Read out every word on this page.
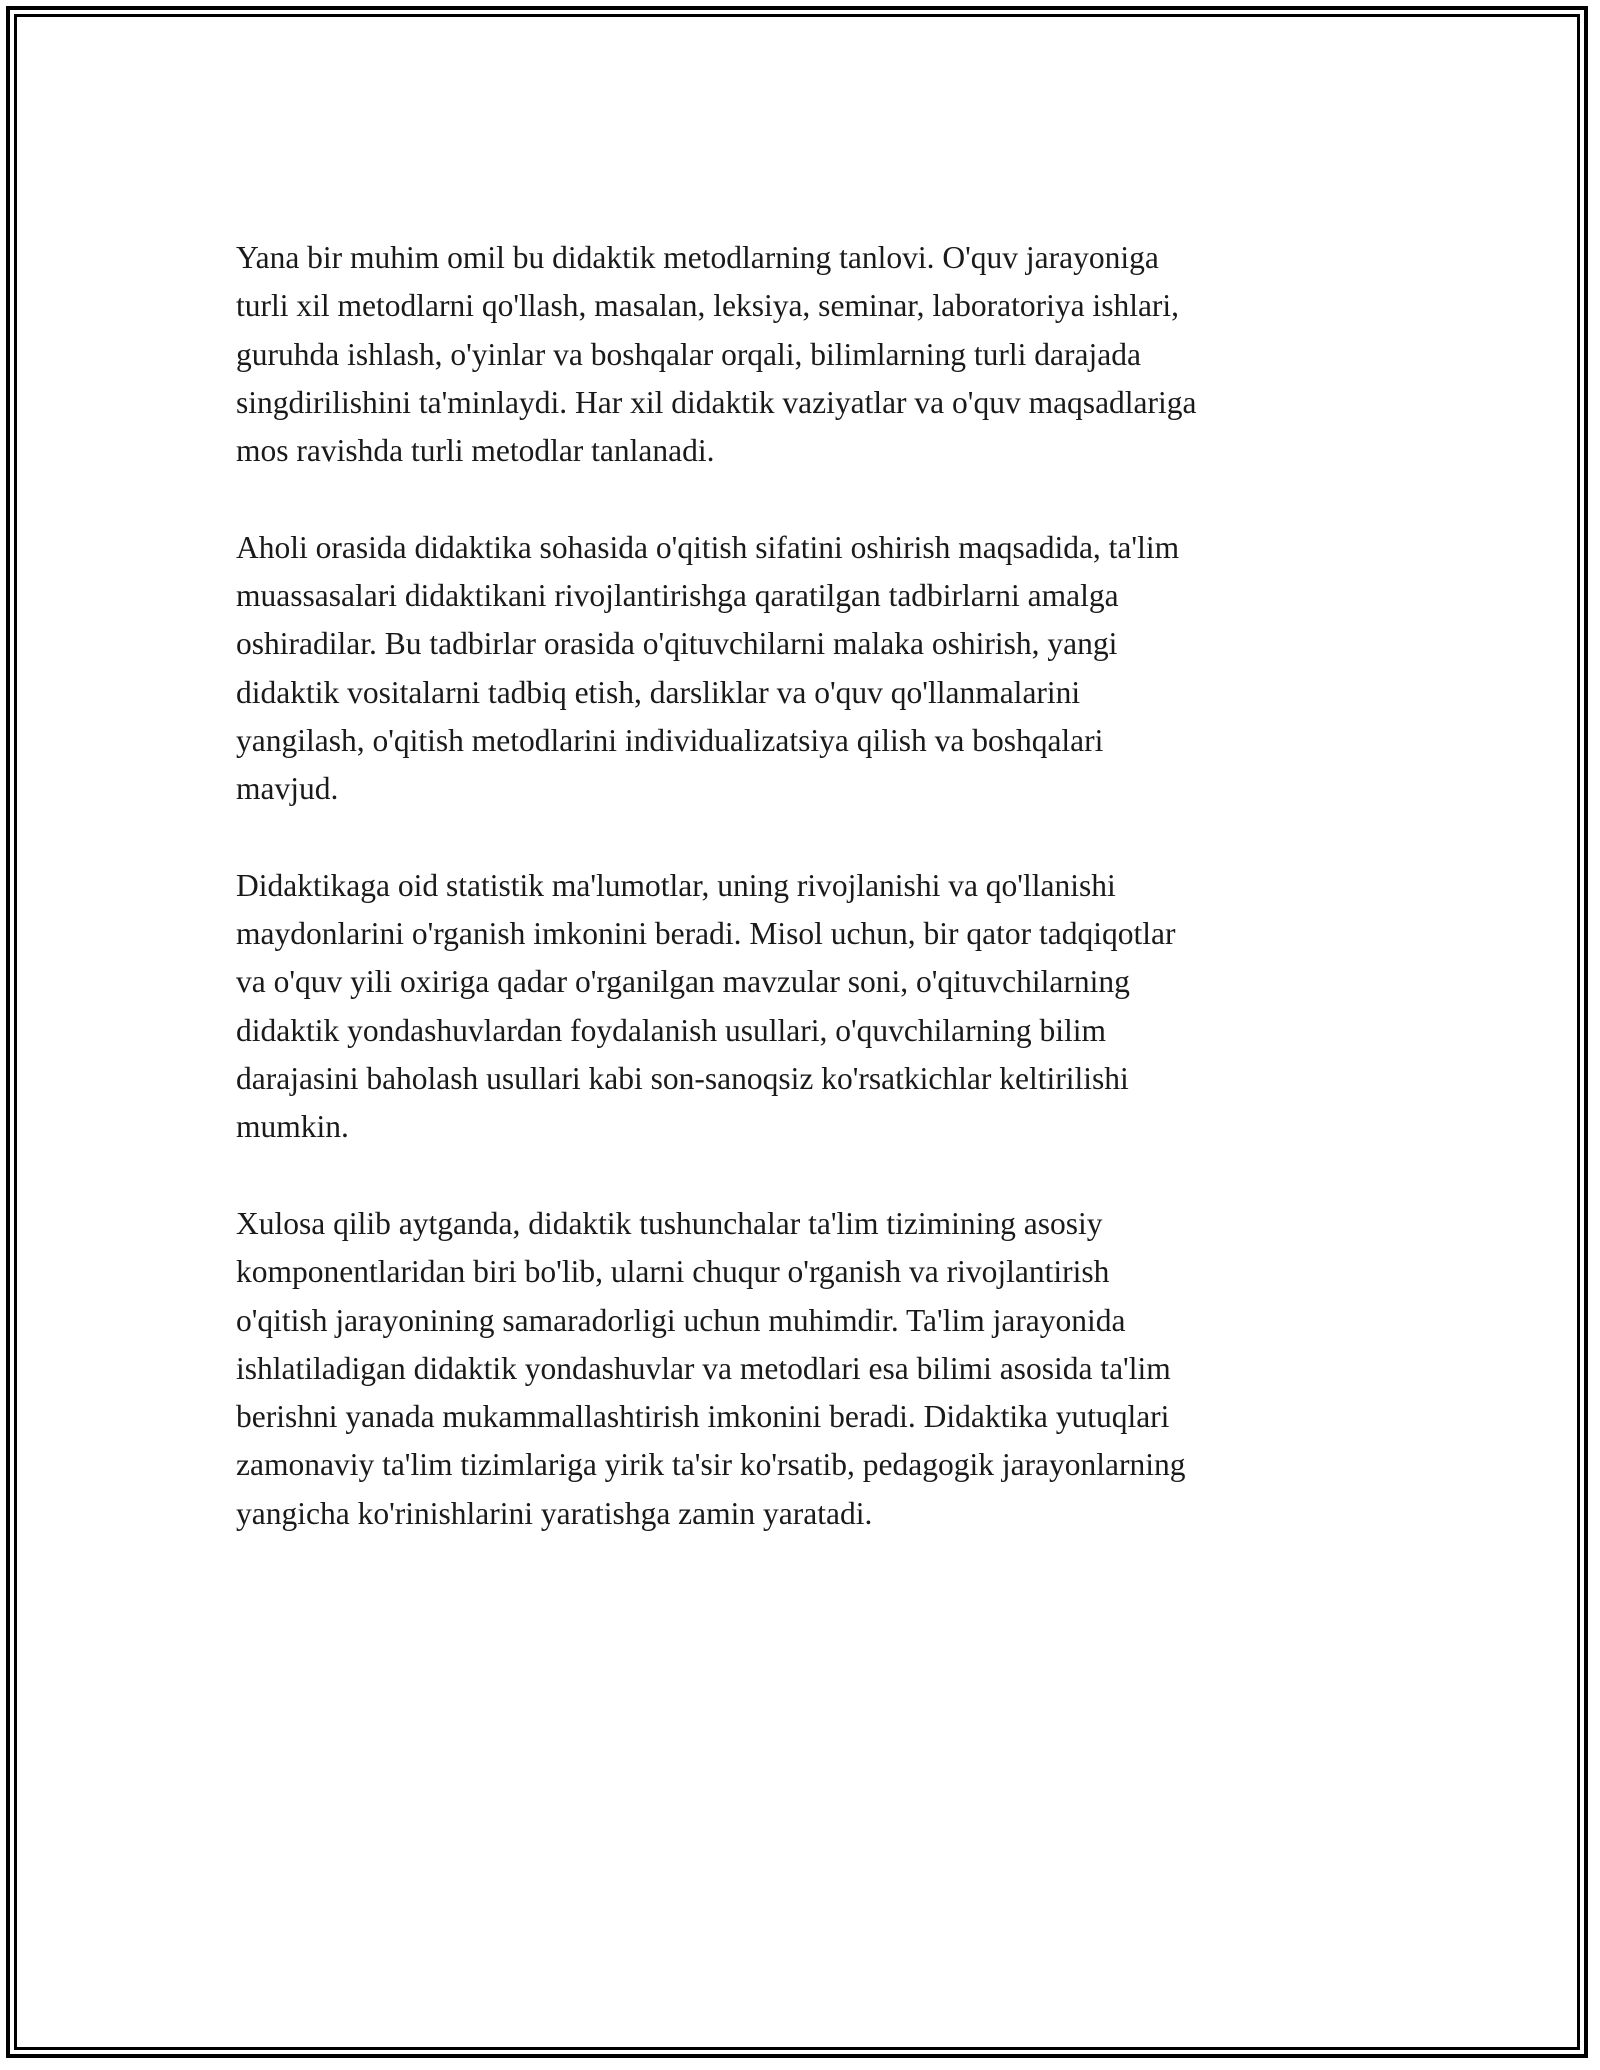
Yana bir muhim omil bu didaktik metodlarning tanlovi. O'quv jarayoniga
turli xil metodlarni qo'llash, masalan, leksiya, seminar, laboratoriya ishlari,
guruhda ishlash, o'yinlar va boshqalar orqali, bilimlarning turli darajada
singdirilishini ta'minlaydi. Har xil didaktik vaziyatlar va o'quv maqsadlariga
mos ravishda turli metodlar tanlanadi.

Aholi orasida didaktika sohasida o'qitish sifatini oshirish maqsadida, ta'lim
muassasalari didaktikani rivojlantirishga qaratilgan tadbirlarni amalga
oshiradilar. Bu tadbirlar orasida o'qituvchilarni malaka oshirish, yangi
didaktik vositalarni tadbiq etish, darsliklar va o'quv qo'llanmalarini
yangilash, o'qitish metodlarini individualizatsiya qilish va boshqalari
mavjud.

Didaktikaga oid statistik ma'lumotlar, uning rivojlanishi va qo'llanishi
maydonlarini o'rganish imkonini beradi. Misol uchun, bir qator tadqiqotlar
va o'quv yili oxiriga qadar o'rganilgan mavzular soni, o'qituvchilarning
didaktik yondashuvlardan foydalanish usullari, o'quvchilarning bilim
darajasini baholash usullari kabi son-sanoqsiz ko'rsatkichlar keltirilishi
mumkin.

Xulosa qilib aytganda, didaktik tushunchalar ta'lim tizimining asosiy
komponentlaridan biri bo'lib, ularni chuqur o'rganish va rivojlantirish
o'qitish jarayonining samaradorligi uchun muhimdir. Ta'lim jarayonida
ishlatiladigan didaktik yondashuvlar va metodlari esa bilimi asosida ta'lim
berishni yanada mukammallashtirish imkonini beradi. Didaktika yutuqlari
zamonaviy ta'lim tizimlariga yirik ta'sir ko'rsatib, pedagogik jarayonlarning
yangicha ko'rinishlarini yaratishga zamin yaratadi.
